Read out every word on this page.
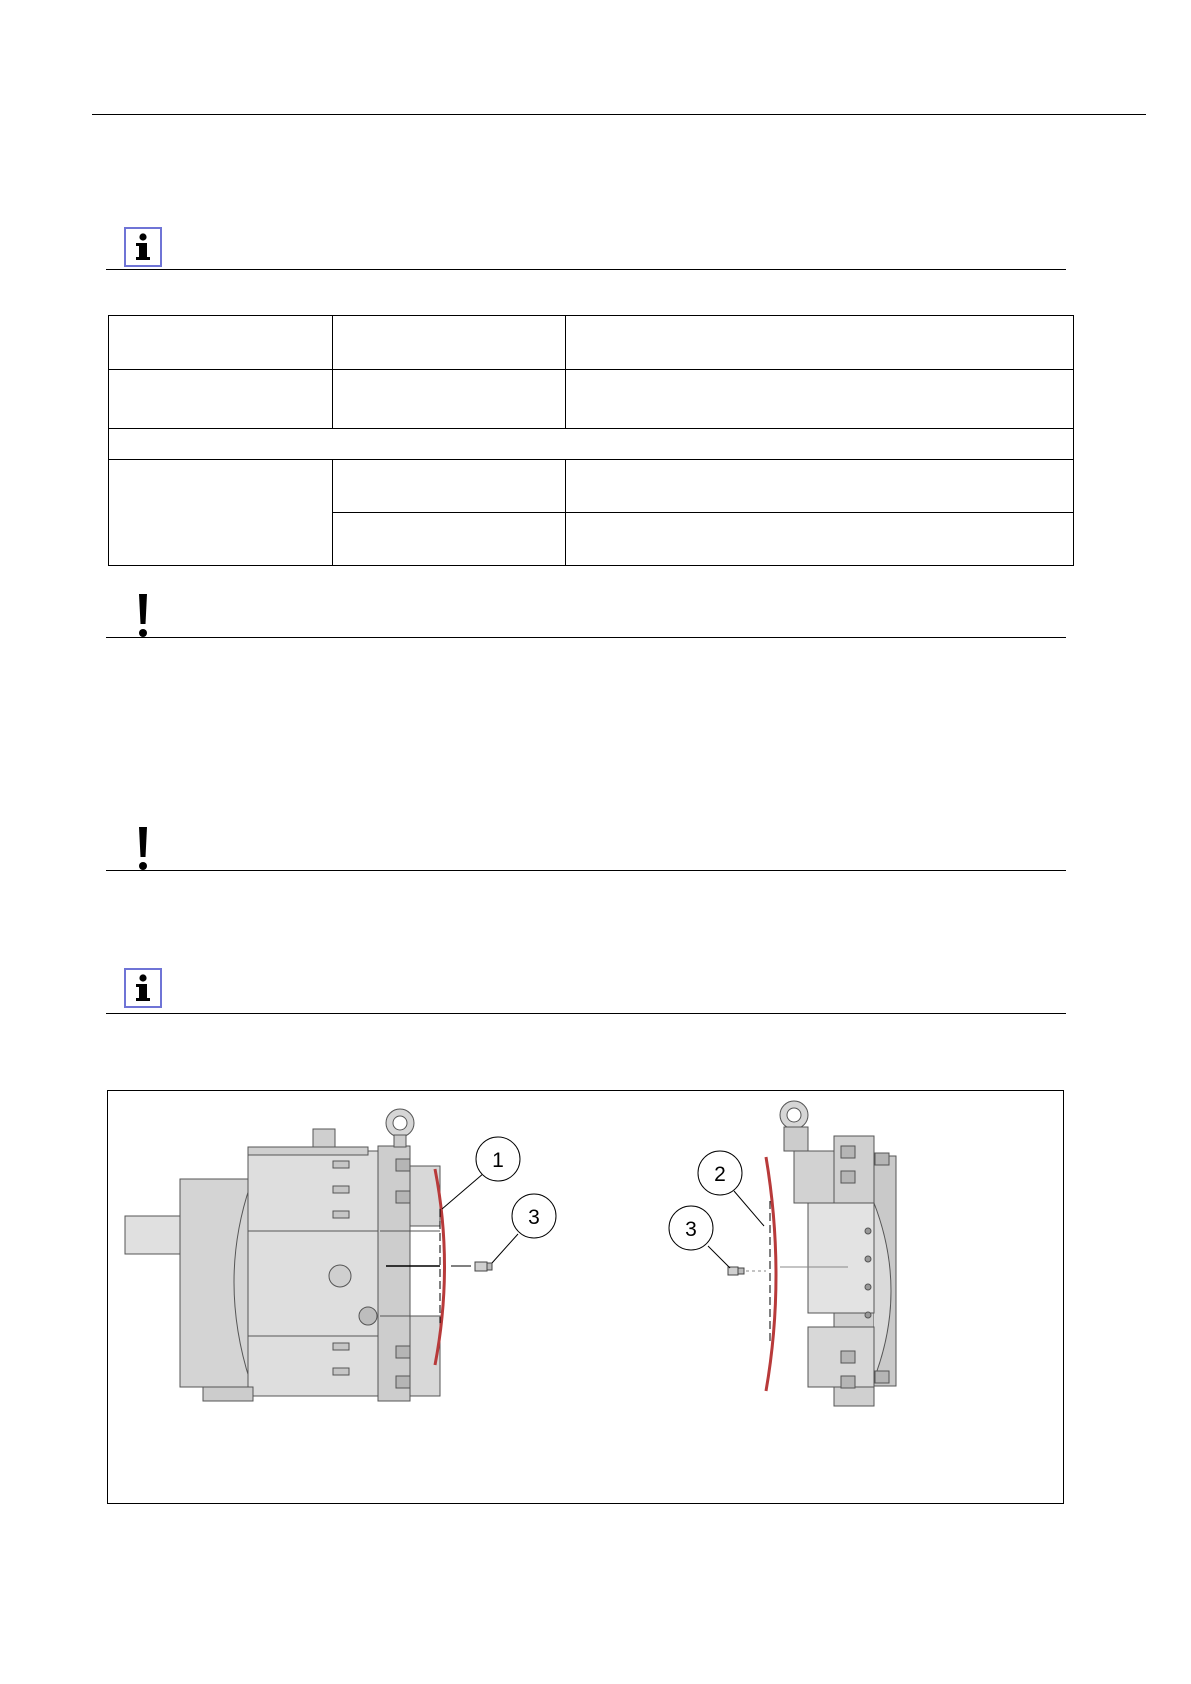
1
3
2
3
